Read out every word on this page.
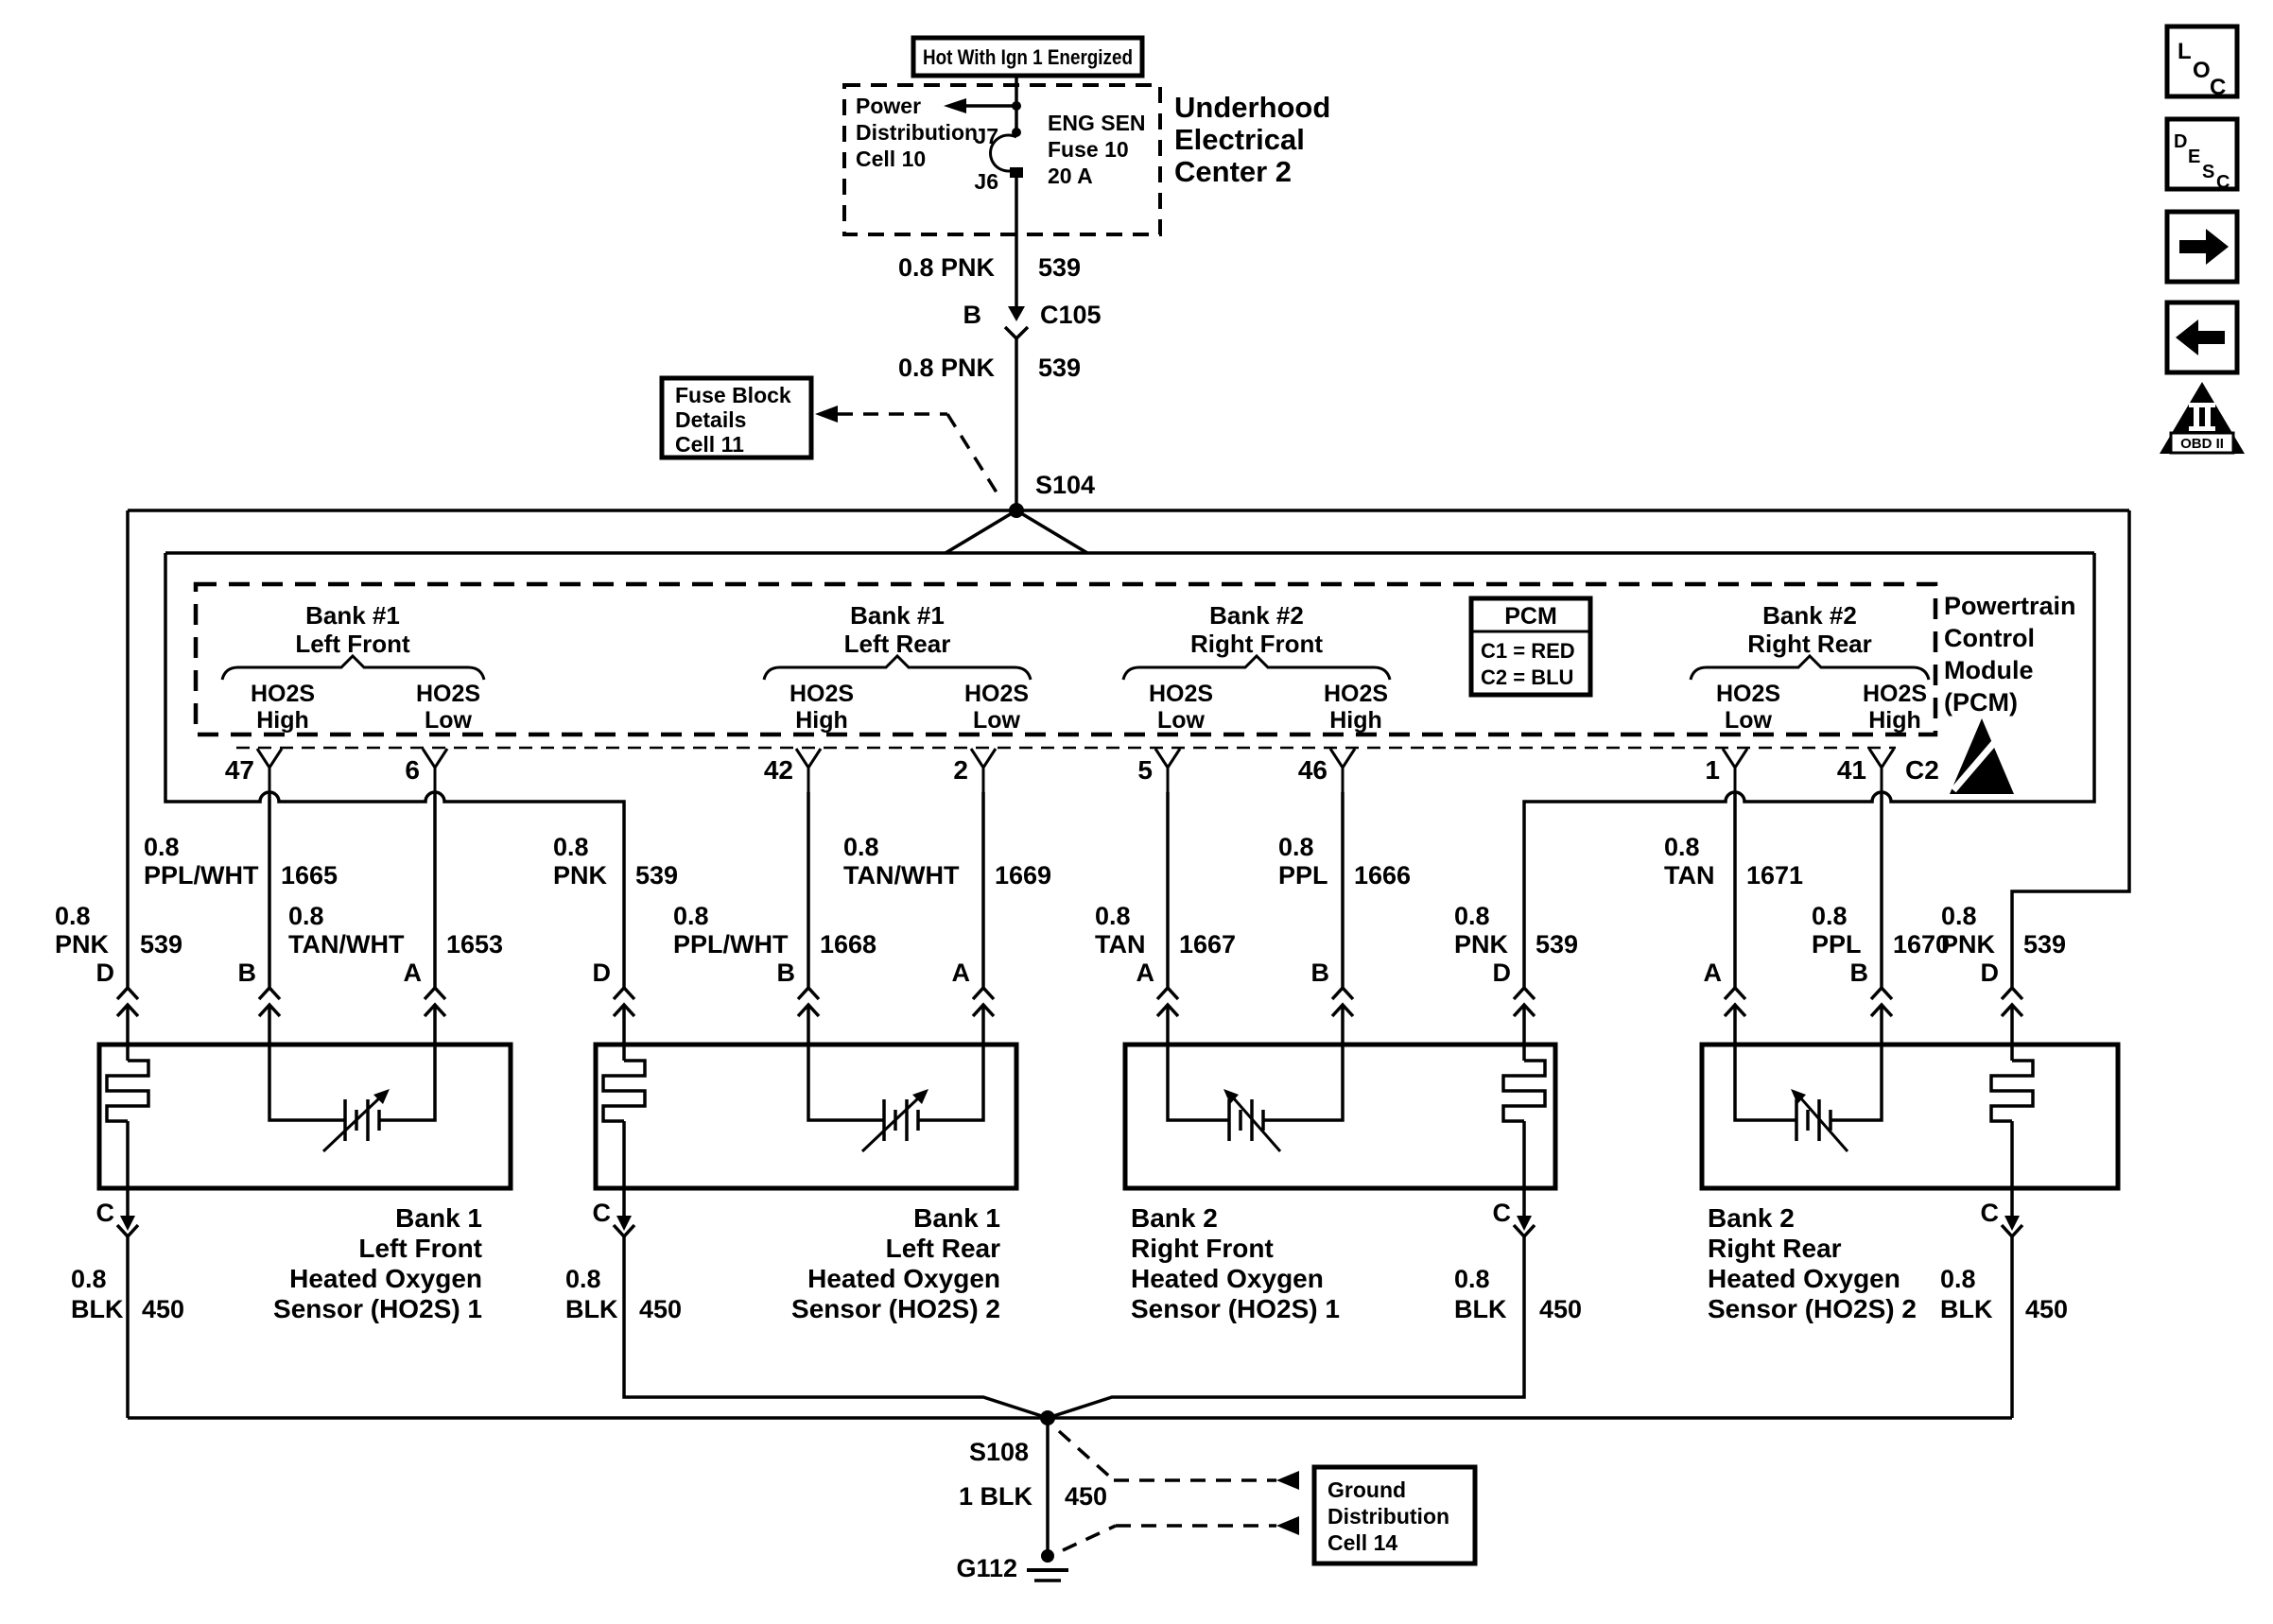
L
O
C
D
E
S C
OBD II
Hot With Ign 1 Energized
Power
Distribution
Cell 10
J7
J6
ENG SEN
Fuse 10
20 A
Underhood
Electrical
Center 2
0.8 PNK 539
B C105
0.8 PNK 539
Fuse Block
Details
Cell 11
S104
Powertrain
Control
Module
(PCM)
PCM
C1 = RED
C2 = BLU
Bank #1
Left Front
HO2S
High
HO2S
Low
47	6
Bank #1
Left Rear
HO2S
High
HO2S
Low
42	2
Bank #2
Right Front
HO2S
Low
HO2S
High
5	46
Bank #2
Right Rear
HO2S
Low
HO2S
High
1	41 C2
0.8
PPL/WHT 1665
0.8
PNK 539
0.8
TAN/WHT 1653
0.8
PNK 539
0.8
TAN/WHT 1669
0.8
PPL/WHT 1668
0.8
PPL 1666
0.8
TAN 1667
0.8
PNK 539
0.8
TAN 1671
0.8
PPL 1670
0.8
PNK 539
D	B	A	D	B	A	A	B	D	A	B	D
C
0.8
BLK 450
Bank 1
Left Front
Heated Oxygen
Sensor (HO2S) 1
C
0.8
BLK 450
Bank 1
Left Rear
Heated Oxygen
Sensor (HO2S) 2
C
0.8
BLK 450
Bank 2
Right Front
Heated Oxygen
Sensor (HO2S) 1
C
0.8
BLK 450
Bank 2
Right Rear
Heated Oxygen
Sensor (HO2S) 2
S108
1 BLK 450
G112
Ground
Distribution
Cell 14
